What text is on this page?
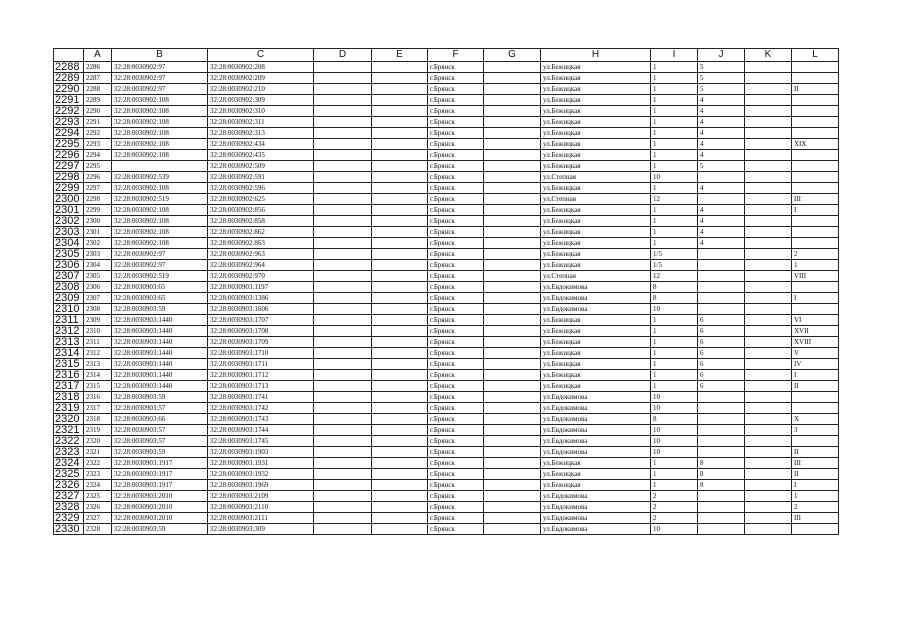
	A	B	C	D	E	F	G	H	I	J	K	L
2288	2286	32:28:0030902:97	32:28:0030902:208			г.Брянск		ул.Бежицкая	1	5		
2289	2287	32:28:0030902:97	32:28:0030902:209			г.Брянск		ул.Бежицкая	1	5		
2290	2288	32:28:0030902:97	32:28:0030902:210			г.Брянск		ул.Бежицкая	1	5		II
2291	2289	32:28:0030902:108	32:28:0030902:309			г.Брянск		ул.Бежицкая	1	4		
2292	2290	32:28:0030902:108	32:28:0030902:310			г.Брянск		ул.Бежицкая	1	4		
2293	2291	32:28:0030902:108	32:28:0030902:311			г.Брянск		ул.Бежицкая	1	4		
2294	2292	32:28:0030902:108	32:28:0030902:313			г.Брянск		ул.Бежицкая	1	4		
2295	2293	32:28:0030902:108	32:28:0030902:434			г.Брянск		ул.Бежицкая	1	4		XIX
2296	2294	32:28:0030902:108	32:28:0030902:435			г.Брянск		ул.Бежицкая	1	4		
2297	2295		32:28:0030902:509			г.Брянск		ул.Бежицкая	1	5		
2298	2296	32:28:0030902:539	32:28:0030902:591			г.Брянск		ул.Степная	10			
2299	2297	32:28:0030902:108	32:28:0030902:596			г.Брянск		ул.Бежицкая	1	4		
2300	2298	32:28:0030902:519	32:28:0030902:625			г.Брянск		ул.Степная	12			III
2301	2299	32:28:0030902:108	32:28:0030902:856			г.Брянск		ул.Бежицкая	1	4		I
2302	2300	32:28:0030902:108	32:28:0030902:858			г.Брянск		ул.Бежицкая	1	4		
2303	2301	32:28:0030902:108	32:28:0030902:862			г.Брянск		ул.Бежицкая	1	4		
2304	2302	32:28:0030902:108	32:28:0030902:863			г.Брянск		ул.Бежицкая	1	4		
2305	2303	32:28:0030902:97	32:28:0030902:963			г.Брянск		ул.Бежицкая	1/5			2
2306	2304	32:28:0030902:97	32:28:0030902:964			г.Брянск		ул.Бежицкая	1/5			1
2307	2305	32:28:0030902:519	32:28:0030902:970			г.Брянск		ул.Степная	12			VIII
2308	2306	32:28:0030903:65	32:28:0030903:1197			г.Брянск		ул.Евдокимова	8			
2309	2307	32:28:0030903:65	32:28:0030903:1386			г.Брянск		ул.Евдокимова	8			I
2310	2308	32:28:0030903:59	32:28:0030903:1606			г.Брянск		ул.Евдокимова	10			
2311	2309	32:28:0030903:1440	32:28:0030903:1707			г.Брянск		ул.Бежицкая	1	6		VI
2312	2310	32:28:0030903:1440	32:28:0030903:1708			г.Брянск		ул.Бежицкая	1	6		XVII
2313	2311	32:28:0030903:1440	32:28:0030903:1709			г.Брянск		ул.Бежицкая	1	6		XVIII
2314	2312	32:28:0030903:1440	32:28:0030903:1710			г.Брянск		ул.Бежицкая	1	6		V
2315	2313	32:28:0030903:1440	32:28:0030903:1711			г.Брянск		ул.Бежицкая	1	6		IV
2316	2314	32:28:0030903:1440	32:28:0030903:1712			г.Брянск		ул.Бежицкая	1	6		I
2317	2315	32:28:0030903:1440	32:28:0030903:1713			г.Брянск		ул.Бежицкая	1	6		II
2318	2316	32:28:0030903:59	32:28:0030903:1741			г.Брянск		ул.Евдокимова	10			
2319	2317	32:28:0030903:57	32:28:0030903:1742			г.Брянск		ул.Евдокимова	10			
2320	2318	32:28:0030903:66	32:28:0030903:1743			г.Брянск		ул.Евдокимова	8			X
2321	2319	32:28:0030903:57	32:28:0030903:1744			г.Брянск		ул.Евдокимова	10			3
2322	2320	32:28:0030903:57	32:28:0030903:1745			г.Брянск		ул.Евдокимова	10			
2323	2321	32:28:0030903:59	32:28:0030903:1903			г.Брянск		ул.Евдокимова	10			II
2324	2322	32:28:0030903:1917	32:28:0030903:1931			г.Брянск		ул.Бежицкая	1	8		III
2325	2323	32:28:0030903:1917	32:28:0030903:1932			г.Брянск		ул.Бежицкая	1	8		II
2326	2324	32:28:0030903:1917	32:28:0030903:1969			г.Брянск		ул.Бежицкая	1	8		I
2327	2325	32:28:0030903:2010	32:28:0030903:2109			г.Брянск		ул.Евдокимова	2			1
2328	2326	32:28:0030903:2010	32:28:0030903:2110			г.Брянск		ул.Евдокимова	2			2
2329	2327	32:28:0030903:2010	32:28:0030903:2111			г.Брянск		ул.Евдокимова	2			III
2330	2328	32:28:0030903:59	32:28:0030903:309			г.Брянск		ул.Евдокимова	10			
